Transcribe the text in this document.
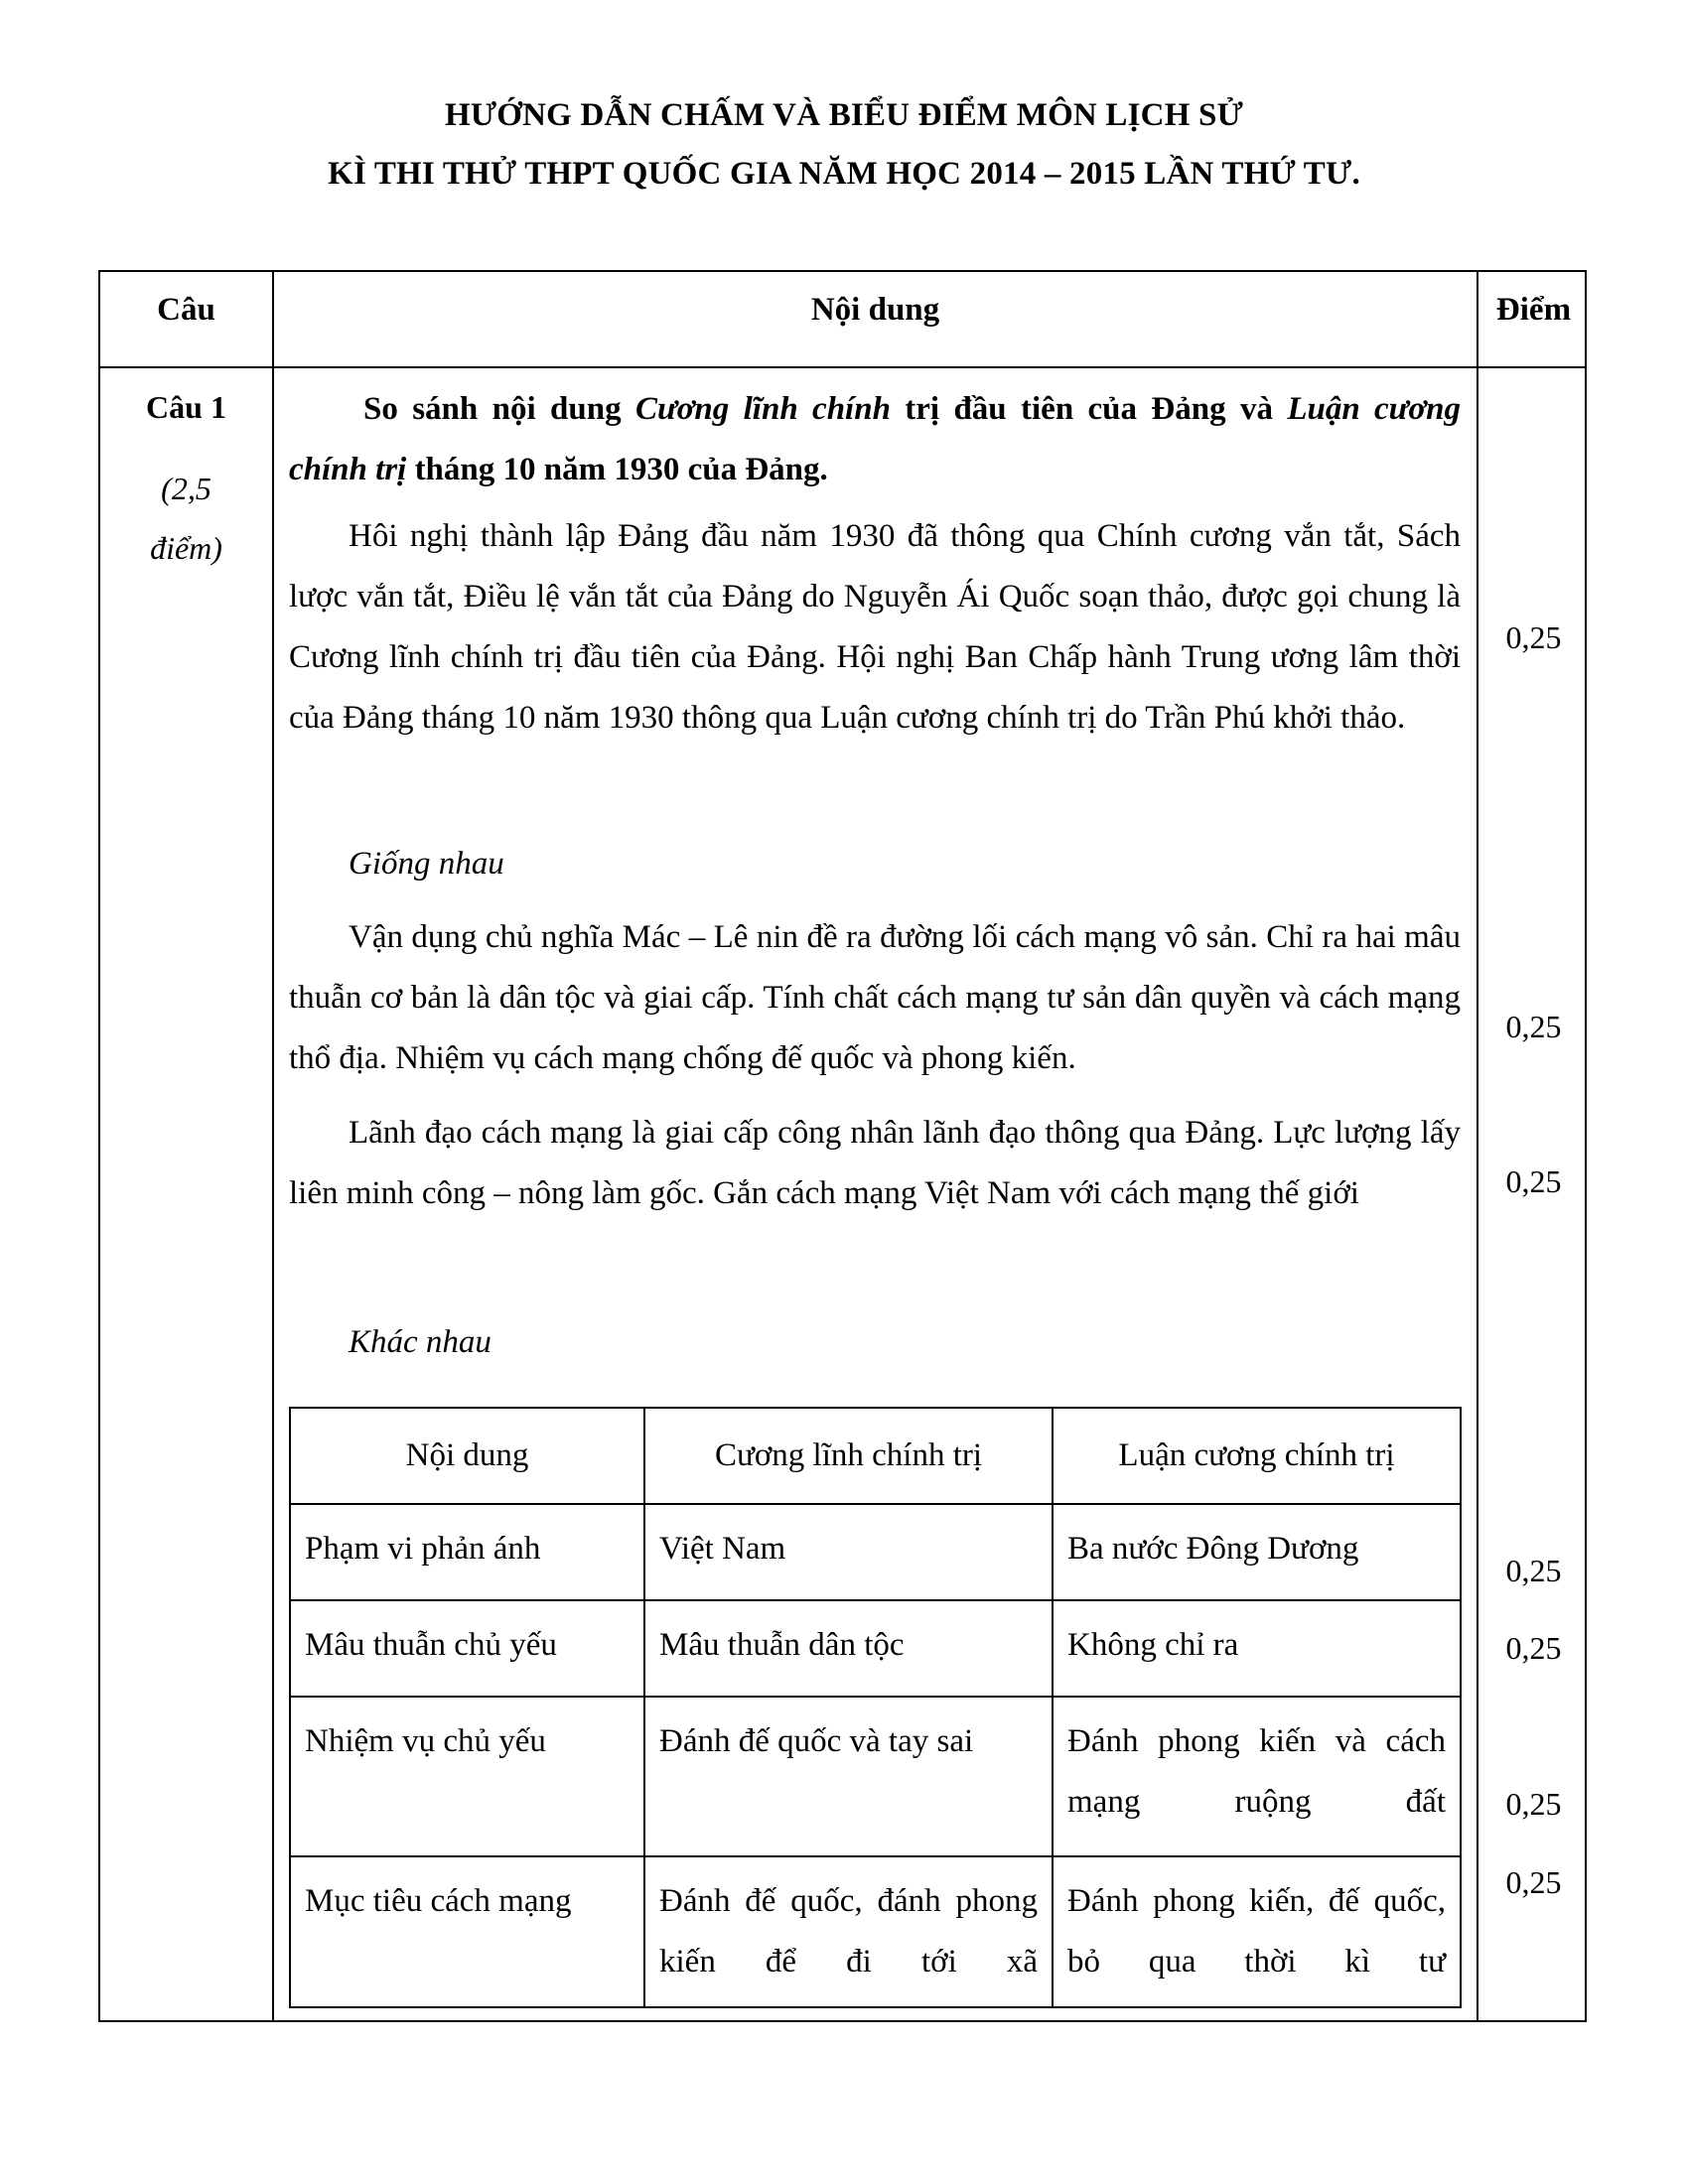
HƯỚNG DẪN CHẤM VÀ BIỂU ĐIỂM MÔN LỊCH SỬ
KÌ THI THỬ THPT QUỐC GIA NĂM HỌC 2014 – 2015 LẦN THỨ TƯ.
Câu	Nội dung	Điểm
Câu 1
(2,5
điểm)
So sánh nội dung Cương lĩnh chính trị đầu tiên của Đảng và Luận cương chính trị tháng 10 năm 1930 của Đảng.

Hôi nghị thành lập Đảng đầu năm 1930 đã thông qua Chính cương vắn tắt, Sách lược vắn tắt, Điều lệ vắn tắt của Đảng do Nguyễn Ái Quốc soạn thảo, được gọi chung là Cương lĩnh chính trị đầu tiên của Đảng. Hội nghị Ban Chấp hành Trung ương lâm thời của Đảng tháng 10 năm 1930 thông qua Luận cương chính trị do Trần Phú khởi thảo.

Giống nhau

Vận dụng chủ nghĩa Mác – Lê nin đề ra đường lối cách mạng vô sản. Chỉ ra hai mâu thuẫn cơ bản là dân tộc và giai cấp. Tính chất cách mạng tư sản dân quyền và cách mạng thổ địa. Nhiệm vụ cách mạng chống đế quốc và phong kiến.

Lãnh đạo cách mạng là giai cấp công nhân lãnh đạo thông qua Đảng. Lực lượng lấy liên minh công – nông làm gốc. Gắn cách mạng Việt Nam với cách mạng thế giới

Khác nhau
Nội dung	Cương lĩnh chính trị	Luận cương chính trị
Phạm vi phản ánh	Việt Nam	Ba nước Đông Dương
Mâu thuẫn chủ yếu	Mâu thuẫn dân tộc	Không chỉ ra
Nhiệm vụ chủ yếu	Đánh đế quốc và tay sai	Đánh phong kiến và cách mạng ruộng đất
Mục tiêu cách mạng	Đánh đế quốc, đánh phong kiến để đi tới xã	Đánh phong kiến, đế quốc, bỏ qua thời kì tư
0,25
0,25
0,25
0,25
0,25
0,25
0,25
